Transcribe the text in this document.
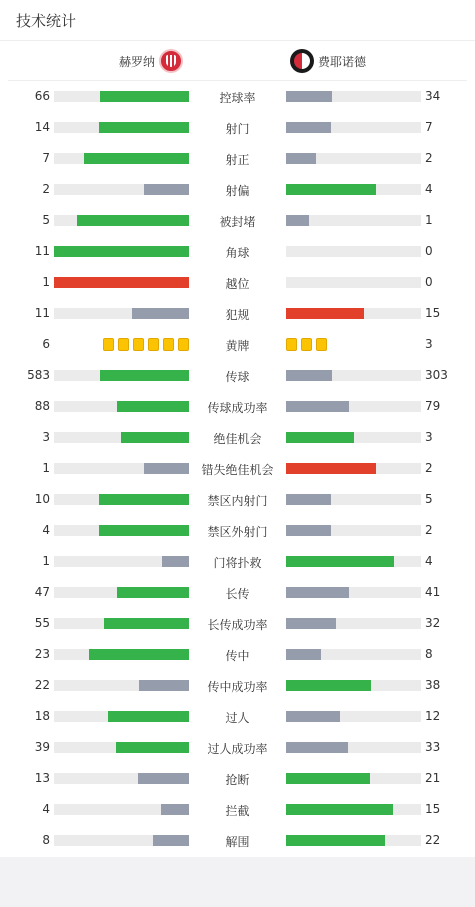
技术统计
赫罗纳	费耶诺德
66	控球率	34
14	射门	7
7	射正	2
2	射偏	4
5	被封堵	1
11	角球	0
1	越位	0
11	犯规	15
6	黄牌	3
583	传球	303
88	传球成功率	79
3	绝佳机会	3
1	错失绝佳机会	2
10	禁区内射门	5
4	禁区外射门	2
1	门将扑救	4
47	长传	41
55	长传成功率	32
23	传中	8
22	传中成功率	38
18	过人	12
39	过人成功率	33
13	抢断	21
4	拦截	15
8	解围	22
